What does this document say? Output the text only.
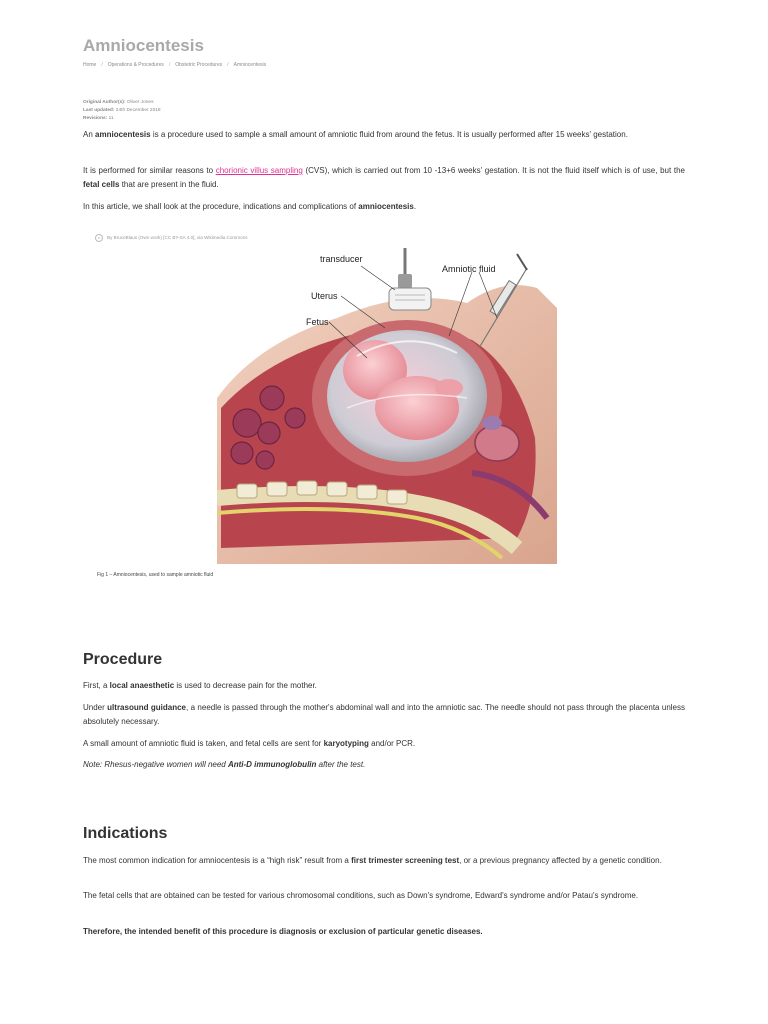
Amniocentesis
Home / Operations & Procedures / Obstetric Procedures / Amniocentesis
Original Author(s): Oliver Jones
Last updated: 24th December 2018
Revisions: 11

An amniocentesis is a procedure used to sample a small amount of amniotic fluid from around the fetus. It is usually performed after 15 weeks' gestation.

It is performed for similar reasons to chorionic villus sampling (CVS), which is carried out from 10 -13+6 weeks' gestation. It is not the fluid itself which is of use, but the fetal cells that are present in the fluid.

In this article, we shall look at the procedure, indications and complications of amniocentesis.

c By BruceBlaus (Own work) [CC BY-SA 4.0], via Wikimedia Commons
transducer
Amniotic fluid
Uterus
Fetus
Fig 1 – Amniocentesis, used to sample amniotic fluid
Procedure

First, a local anaesthetic is used to decrease pain for the mother.

Under ultrasound guidance, a needle is passed through the mother's abdominal wall and into the amniotic sac. The needle should not pass through the placenta unless absolutely necessary.

A small amount of amniotic fluid is taken, and fetal cells are sent for karyotyping and/or PCR.

Note: Rhesus-negative women will need Anti-D immunoglobulin after the test.

Indications

The most common indication for amniocentesis is a “high risk” result from a first trimester screening test, or a previous pregnancy affected by a genetic condition.

The fetal cells that are obtained can be tested for various chromosomal conditions, such as Down's syndrome, Edward's syndrome and/or Patau's syndrome.

Therefore, the intended benefit of this procedure is diagnosis or exclusion of particular genetic diseases.
